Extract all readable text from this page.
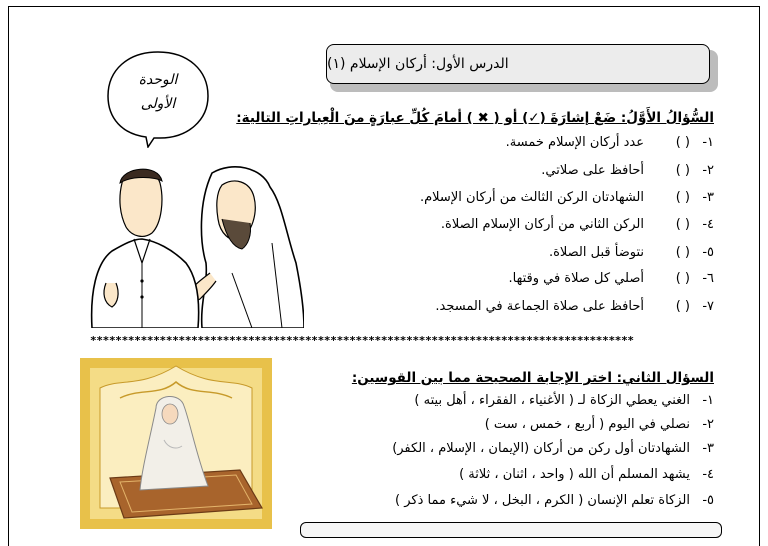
الدرس الأول: أركان الإسلام (١)
الوحدة
الأولى
السُّؤالُ الأَوَّلُ: ضَعْ إشارَةَ (✓) أو ( ✖ ) أمامَ كُلِّ عبارَةٍ منَ الْعِباراتِ التالية:
١-( )عدد أركان الإسلام خمسة.
٢-( )أحافظ على صلاتي.
٣-( )الشهادتان الركن الثالث من أركان الإسلام.
٤-( )الركن الثاني من أركان الإسلام الصلاة.
٥-( )نتوضأ قبل الصلاة.
٦-( )أصلي كل صلاة في وقتها.
٧-( )أحافظ على صلاة الجماعة في المسجد.
**************************************************************************************
السؤال الثاني: اختر الإجابة الصحيحة مما بين القوسين:
١-الغني يعطي الزكاة لـ ( الأغنياء ، الفقراء ، أهل بيته )
٢-نصلي في اليوم ( أربع ، خمس ، ست )
٣-الشهادتان أول ركن من أركان (الإيمان ، الإسلام ، الكفر)
٤-يشهد المسلم أن الله ( واحد ، اثنان ، ثلاثة )
٥-الزكاة تعلم الإنسان ( الكرم ، البخل ، لا شيء مما ذكر )
